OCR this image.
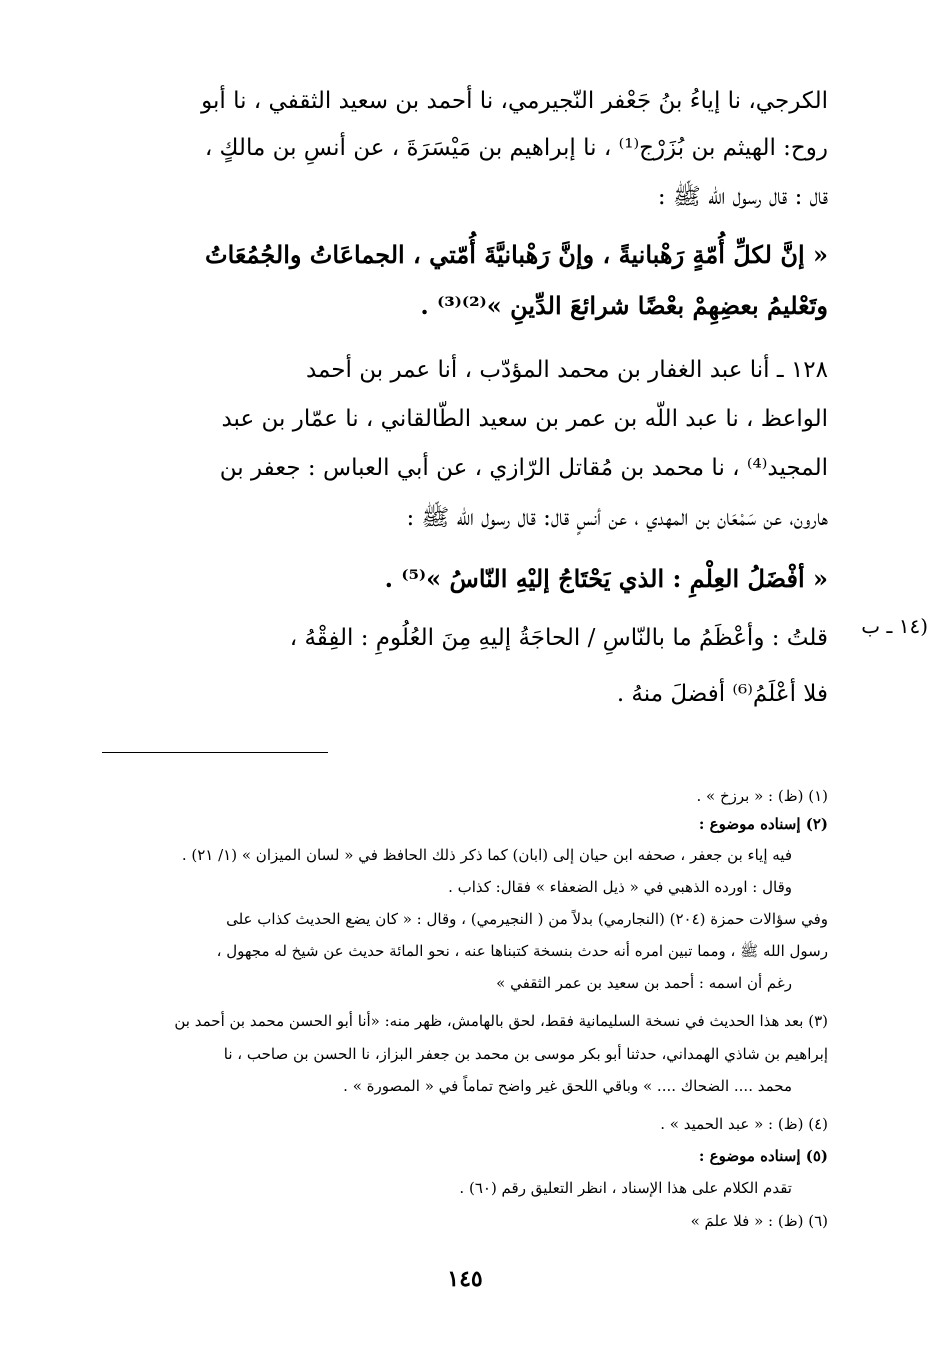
الكرجي، نا إياءُ بنُ جَعْفر النّجيرمي، نا أحمد بن سعيد الثقفي ، نا أبو
روح: الهيثم بن بُزَرْج⁽¹⁾ ، نا إبراهيم بن مَيْسَرَةَ ، عن أنسِ بن مالكٍ ،
قال : قال رسول اللّه ﷺ :
« إنَّ لكلِّ أُمّةٍ رَهْبانيةً ، وإنَّ رَهْبانيَّةَ أُمّتي ، الجماعَاتُ والجُمُعَاتُ
وتَعْليمُ بعضِهِمْ بعْضًا شرائعَ الدِّينِ »⁽²⁾⁽³⁾ .
١٢٨ ـ أنا عبد الغفار بن محمد المؤدّب ، أنا عمر بن أحمد
الواعظ ، نا عبد اللّه بن عمر بن سعيد الطّالقاني ، نا عمّار بن عبد
المجيد⁽⁴⁾ ، نا محمد بن مُقاتل الرّازي ، عن أبي العباس : جعفر بن
هارون، عن سَمْعَان بن المهدي ، عن أنسٍ قال: قال رسول اللّه ﷺ :
« أفْضَلُ العِلْمِ : الذي يَحْتَاجُ إليْهِ النّاسُ »⁽⁵⁾ .
قلتُ : وأعْظَمُ ما بالنّاسِ / الحاجَةُ إليهِ مِنَ العُلُومِ : الفِقْهُ ،
فلا أعْلَمُ⁽⁶⁾ أفضلَ منهُ .
(١٤ ـ ب
(١) (ظ) : « برزخ » .
(٢) إسناده موضوع :
فيه إياء بن جعفر ، صحفه ابن حيان إلى (ابان) كما ذكر ذلك الحافظ في « لسان الميزان » (١/ ٢١) .
وقال : اورده الذهبي في « ذيل الضعفاء » فقال: كذاب .
وفي سؤالات حمزة (٢٠٤) (النجارمي) بدلاً من ( النجيرمي) ، وقال : « كان يضع الحديث كذاب على
رسول الله ﷺ ، ومما تبين امره أنه حدث بنسخة كتبناها عنه ، نحو المائة حديث عن شيخ له مجهول ،
رغم أن اسمه : أحمد بن سعيد بن عمر الثقفي »
(٣) بعد هذا الحديث في نسخة السليمانية فقط، لحق بالهامش، ظهر منه: «أنا أبو الحسن محمد بن أحمد بن
إبراهيم بن شاذي الهمداني، حدثنا أبو بكر موسى بن محمد بن جعفر البزاز، نا الحسن بن صاحب ، نا
محمد .... الضحاك .... » وباقي اللحق غير واضح تماماً في « المصورة » .
(٤) (ظ) : « عبد الحميد » .
(٥) إسناده موضوع :
تقدم الكلام على هذا الإسناد ، انظر التعليق رقم (٦٠) .
(٦) (ظ) : « فلا علمَ »
١٤٥
